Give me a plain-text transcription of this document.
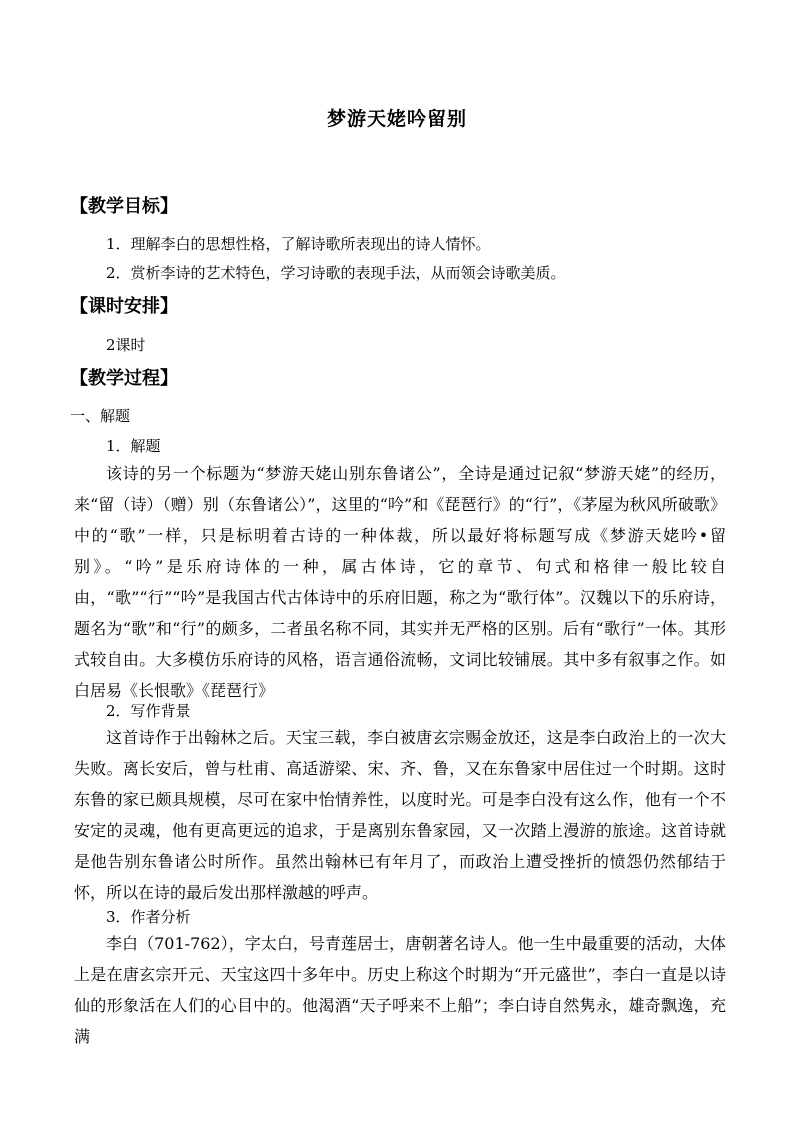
梦游天姥吟留别
【教学目标】
1．理解李白的思想性格，了解诗歌所表现出的诗人情怀。
2．赏析李诗的艺术特色，学习诗歌的表现手法，从而领会诗歌美质。
【课时安排】
2课时
【教学过程】
一、解题
1．解题
该诗的另一个标题为“梦游天姥山别东鲁诸公”，全诗是通过记叙“梦游天姥”的经历，来“留（诗）（赠）别（东鲁诸公）”，这里的“吟”和《琵琶行》的“行”，《茅屋为秋风所破歌》中的“歌”一样，只是标明着古诗的一种体裁，所以最好将标题写成《梦游天姥吟•留别》。“吟”是乐府诗体的一种，属古体诗，它的章节、句式和格律一般比较自由，“歌”“行”“吟”是我国古代古体诗中的乐府旧题，称之为“歌行体”。汉魏以下的乐府诗，题名为“歌”和“行”的颇多，二者虽名称不同，其实并无严格的区别。后有“歌行”一体。其形式较自由。大多模仿乐府诗的风格，语言通俗流畅，文词比较铺展。其中多有叙事之作。如白居易《长恨歌》《琵琶行》
2．写作背景
这首诗作于出翰林之后。天宝三载，李白被唐玄宗赐金放还，这是李白政治上的一次大失败。离长安后，曾与杜甫、高适游梁、宋、齐、鲁，又在东鲁家中居住过一个时期。这时东鲁的家已颇具规模，尽可在家中怡情养性，以度时光。可是李白没有这么作，他有一个不安定的灵魂，他有更高更远的追求，于是离别东鲁家园，又一次踏上漫游的旅途。这首诗就是他告别东鲁诸公时所作。虽然出翰林已有年月了，而政治上遭受挫折的愤怨仍然郁结于怀，所以在诗的最后发出那样激越的呼声。
3．作者分析
李白（701-762），字太白，号青莲居士，唐朝著名诗人。他一生中最重要的活动，大体上是在唐玄宗开元、天宝这四十多年中。历史上称这个时期为“开元盛世”，李白一直是以诗仙的形象活在人们的心目中的。他渴酒“天子呼来不上船”；李白诗自然隽永，雄奇飘逸，充满
